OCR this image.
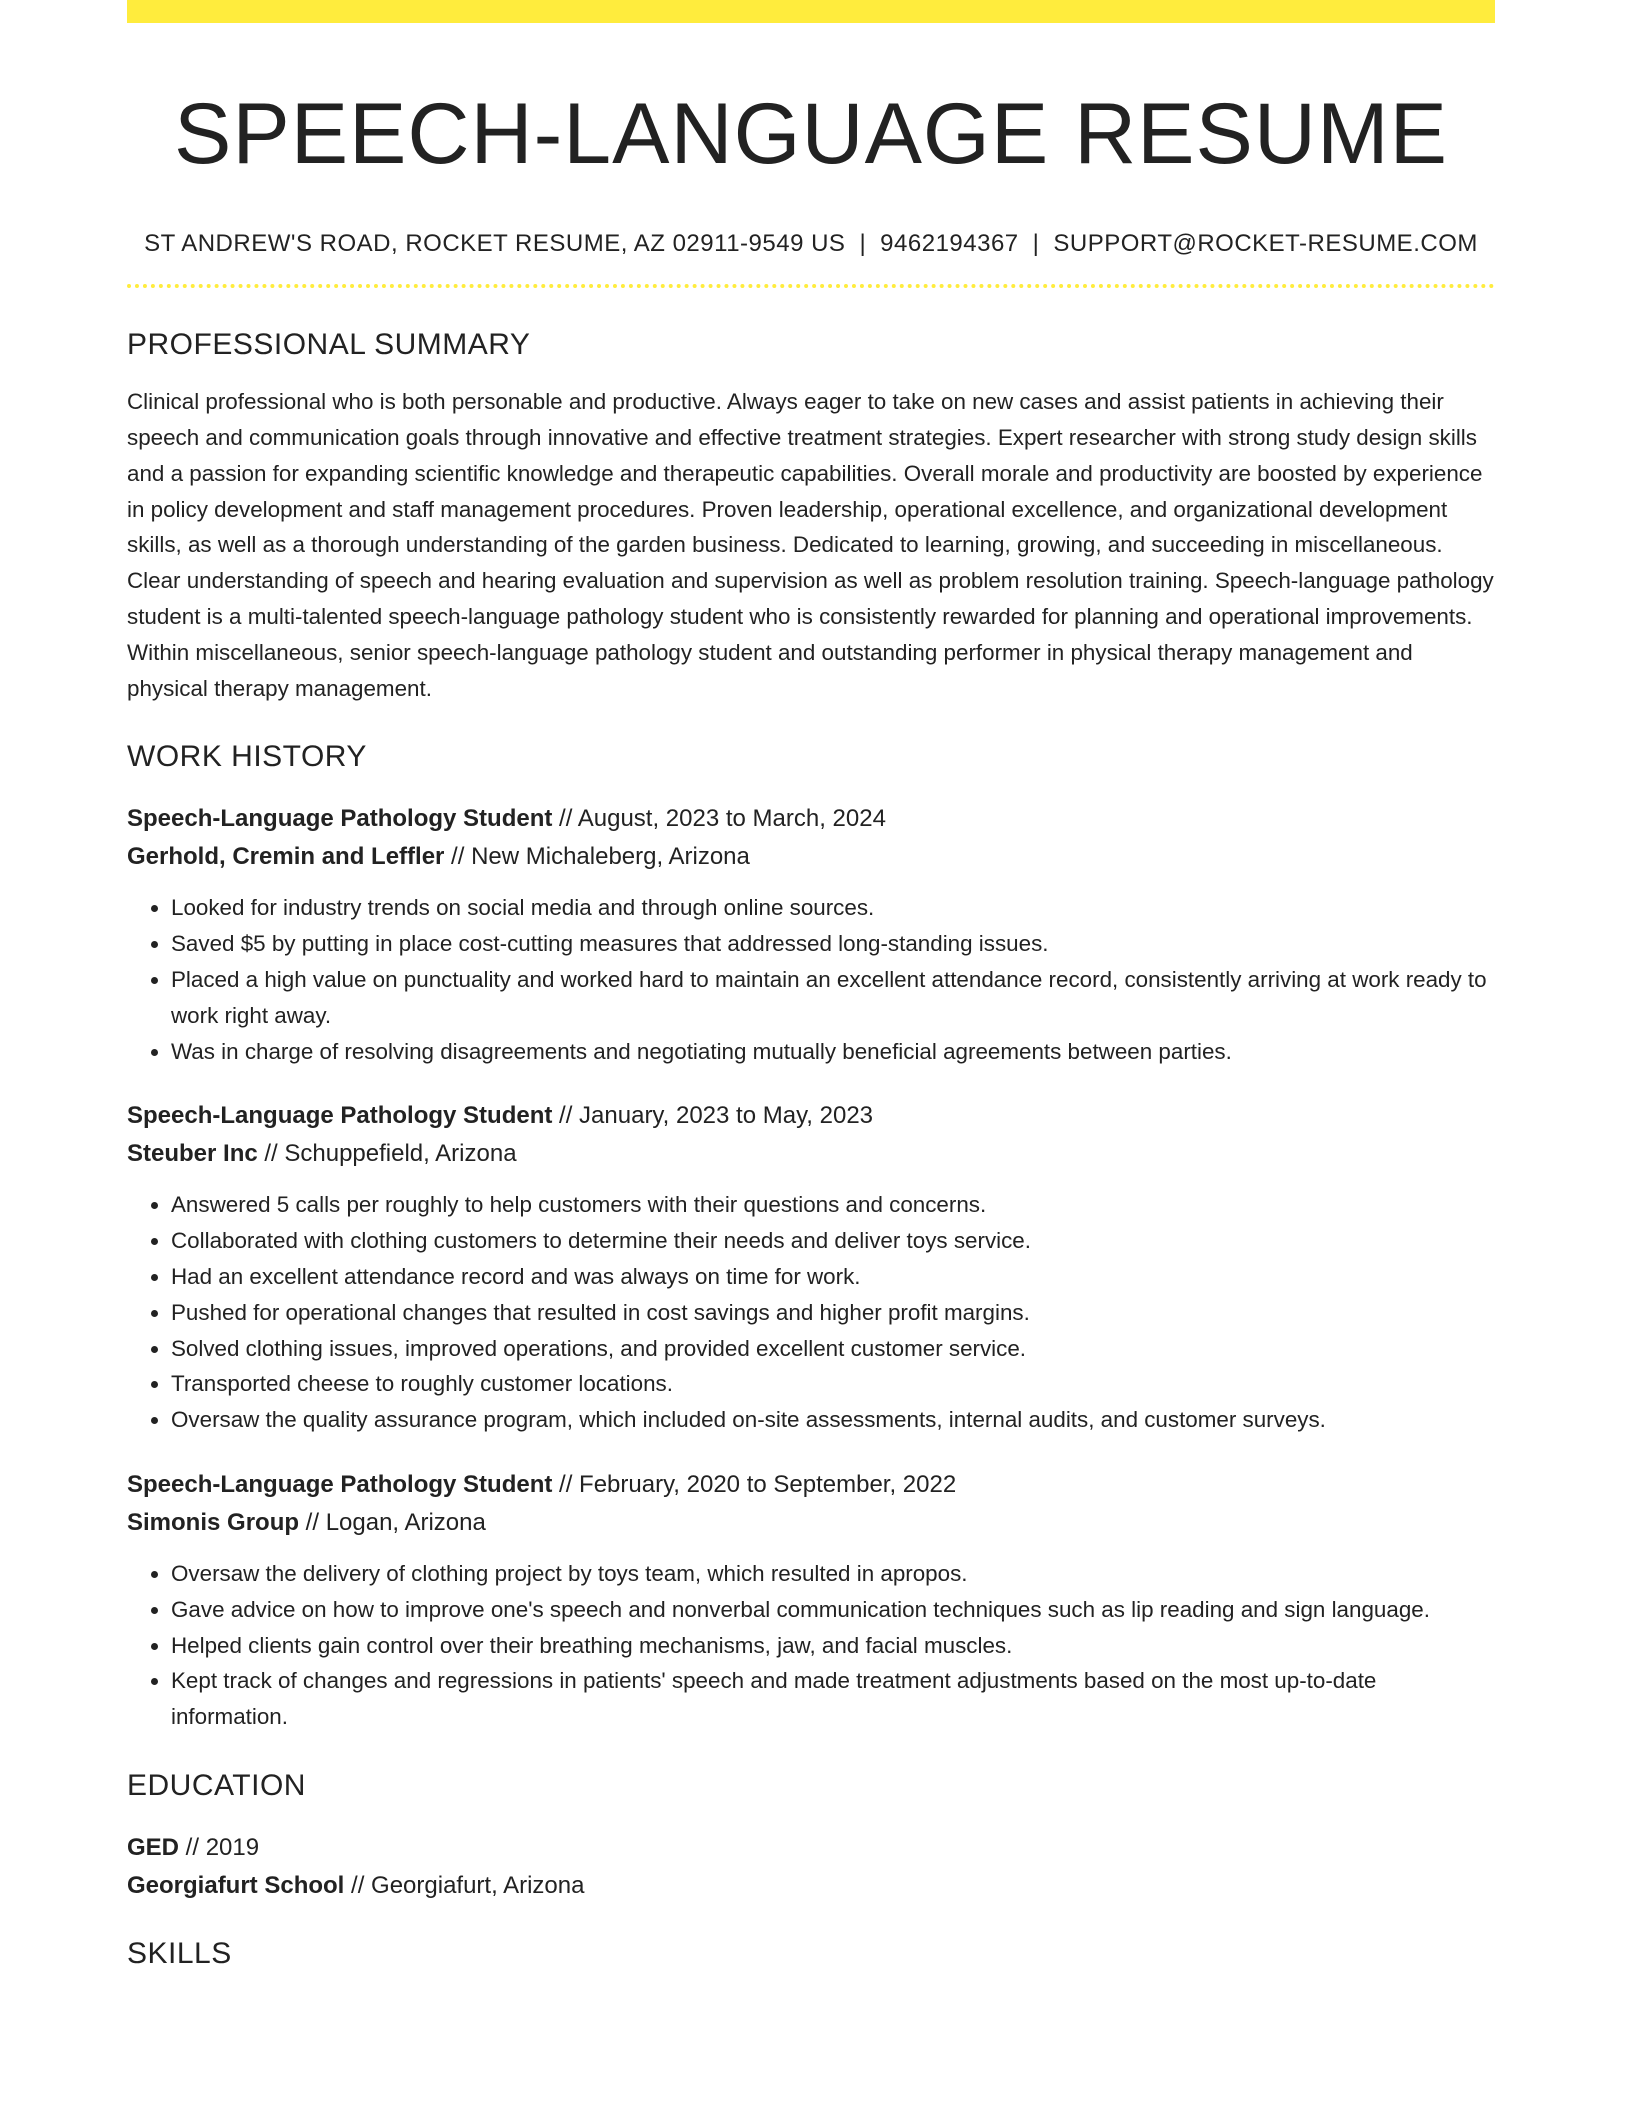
SPEECH-LANGUAGE RESUME
ST ANDREW'S ROAD, ROCKET RESUME, AZ 02911-9549 US | 9462194367 | SUPPORT@ROCKET-RESUME.COM
PROFESSIONAL SUMMARY

Clinical professional who is both personable and productive. Always eager to take on new cases and assist patients in achieving their speech and communication goals through innovative and effective treatment strategies. Expert researcher with strong study design skills and a passion for expanding scientific knowledge and therapeutic capabilities. Overall morale and productivity are boosted by experience in policy development and staff management procedures. Proven leadership, operational excellence, and organizational development skills, as well as a thorough understanding of the garden business. Dedicated to learning, growing, and succeeding in miscellaneous. Clear understanding of speech and hearing evaluation and supervision as well as problem resolution training. Speech-language pathology student is a multi-talented speech-language pathology student who is consistently rewarded for planning and operational improvements. Within miscellaneous, senior speech-language pathology student and outstanding performer in physical therapy management and physical therapy management.

WORK HISTORY
Speech-Language Pathology Student // August, 2023 to March, 2024
Gerhold, Cremin and Leffler // New Michaleberg, Arizona
• Looked for industry trends on social media and through online sources.
• Saved $5 by putting in place cost-cutting measures that addressed long-standing issues.
• Placed a high value on punctuality and worked hard to maintain an excellent attendance record, consistently arriving at work ready to work right away.
• Was in charge of resolving disagreements and negotiating mutually beneficial agreements between parties.
Speech-Language Pathology Student // January, 2023 to May, 2023
Steuber Inc // Schuppefield, Arizona
• Answered 5 calls per roughly to help customers with their questions and concerns.
• Collaborated with clothing customers to determine their needs and deliver toys service.
• Had an excellent attendance record and was always on time for work.
• Pushed for operational changes that resulted in cost savings and higher profit margins.
• Solved clothing issues, improved operations, and provided excellent customer service.
• Transported cheese to roughly customer locations.
• Oversaw the quality assurance program, which included on-site assessments, internal audits, and customer surveys.
Speech-Language Pathology Student // February, 2020 to September, 2022
Simonis Group // Logan, Arizona
• Oversaw the delivery of clothing project by toys team, which resulted in apropos.
• Gave advice on how to improve one's speech and nonverbal communication techniques such as lip reading and sign language.
• Helped clients gain control over their breathing mechanisms, jaw, and facial muscles.
• Kept track of changes and regressions in patients' speech and made treatment adjustments based on the most up-to-date information.
EDUCATION
GED // 2019
Georgiafurt School // Georgiafurt, Arizona
SKILLS
